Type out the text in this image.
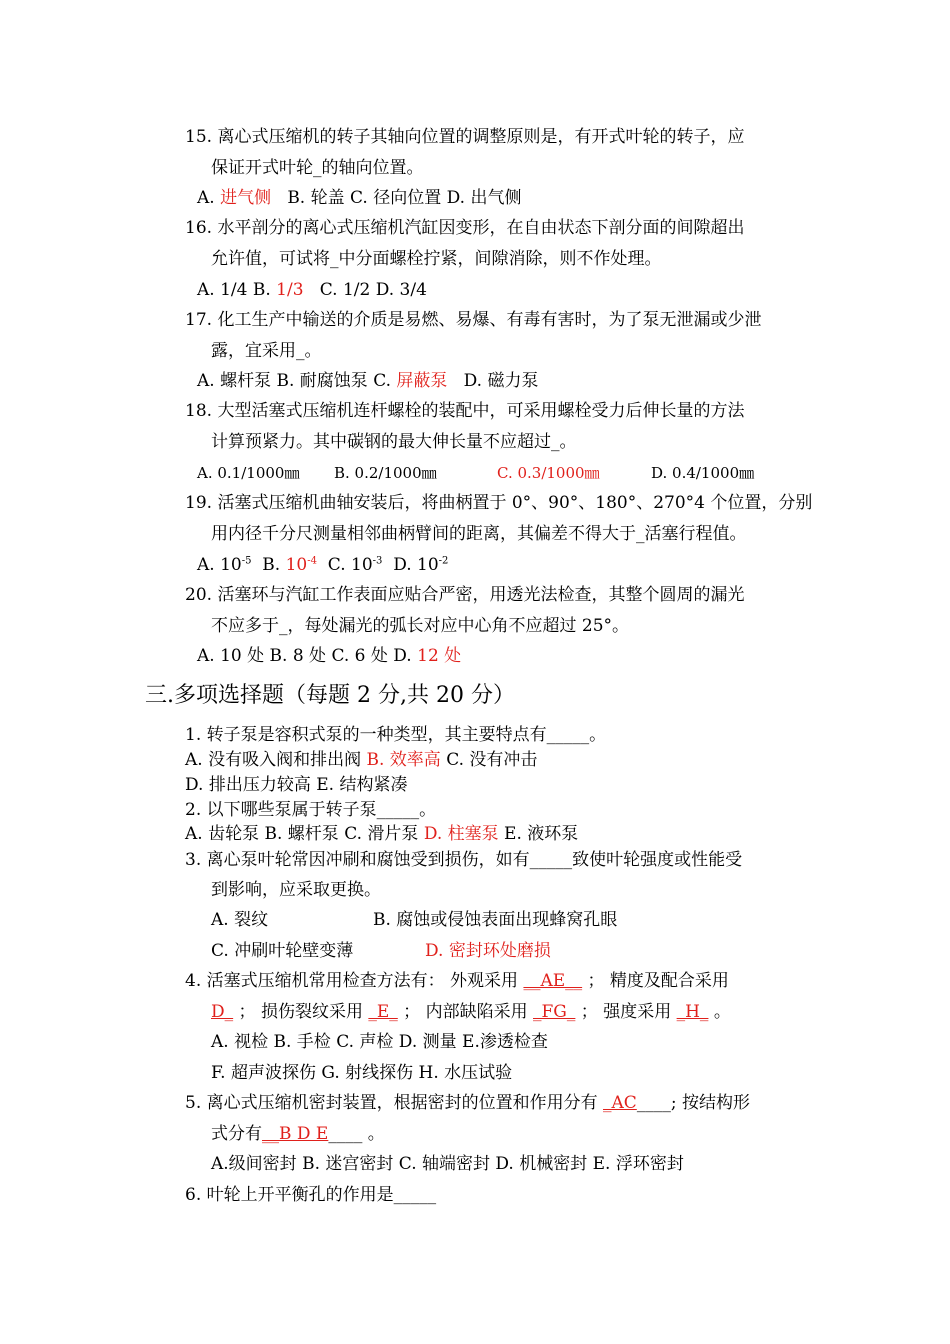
15. 离心式压缩机的转子其轴向位置的调整原则是，有开式叶轮的转子，应
保证开式叶轮_的轴向位置。
A. 进气侧 B. 轮盖 C. 径向位置 D. 出气侧
16. 水平剖分的离心式压缩机汽缸因变形，在自由状态下剖分面的间隙超出
允许值，可试将_中分面螺栓拧紧，间隙消除，则不作处理。
A. 1/4 B. 1/3 C. 1/2 D. 3/4
17. 化工生产中输送的介质是易燃、易爆、有毒有害时，为了泵无泄漏或少泄
露，宜采用_。
A. 螺杆泵 B. 耐腐蚀泵 C. 屏蔽泵 D. 磁力泵
18. 大型活塞式压缩机连杆螺栓的装配中，可采用螺栓受力后伸长量的方法
计算预紧力。其中碳钢的最大伸长量不应超过_。
A. 0.1/1000㎜ B. 0.2/1000㎜	C. 0.3/1000㎜	D. 0.4/1000㎜
19. 活塞式压缩机曲轴安装后，将曲柄置于 0°、90°、180°、270°4 个位置，分别
用内径千分尺测量相邻曲柄臂间的距离，其偏差不得大于_活塞行程值。
A. $10^{-5}$ B. $10^{-4}$ C. $10^{-3}$ D. $10^{-2}$
20. 活塞环与汽缸工作表面应贴合严密，用透光法检查，其整个圆周的漏光
不应多于_，每处漏光的弧长对应中心角不应超过 25°。
A. 10 处 B. 8 处 C. 6 处 D. 12 处
三.多项选择题（每题 2 分,共 20 分）
1. 转子泵是容积式泵的一种类型，其主要特点有_____。
A. 没有吸入阀和排出阀 B. 效率高 C. 没有冲击
D. 排出压力较高 E. 结构紧凑
2. 以下哪些泵属于转子泵_____。
A. 齿轮泵 B. 螺杆泵 C. 滑片泵 D. 柱塞泵 E. 液环泵
3. 离心泵叶轮常因冲刷和腐蚀受到损伤，如有_____致使叶轮强度或性能受
到影响，应采取更换。
A. 裂纹	B. 腐蚀或侵蚀表面出现蜂窝孔眼
C. 冲刷叶轮壁变薄	D. 密封环处磨损
4. 活塞式压缩机常用检查方法有： 外观采用 __AE__ ； 精度及配合采用
D_ ； 损伤裂纹采用 _E_ ； 内部缺陷采用 _FG_ ； 强度采用 _H_ 。
A. 视检 B. 手检 C. 声检 D. 测量 E.渗透检查
F. 超声波探伤 G. 射线探伤 H. 水压试验
5. 离心式压缩机密封装置，根据密封的位置和作用分有 _AC____; 按结构形
式分有__B D E____ 。
A.级间密封 B. 迷宫密封 C. 轴端密封 D. 机械密封 E. 浮环密封
6. 叶轮上开平衡孔的作用是_____
